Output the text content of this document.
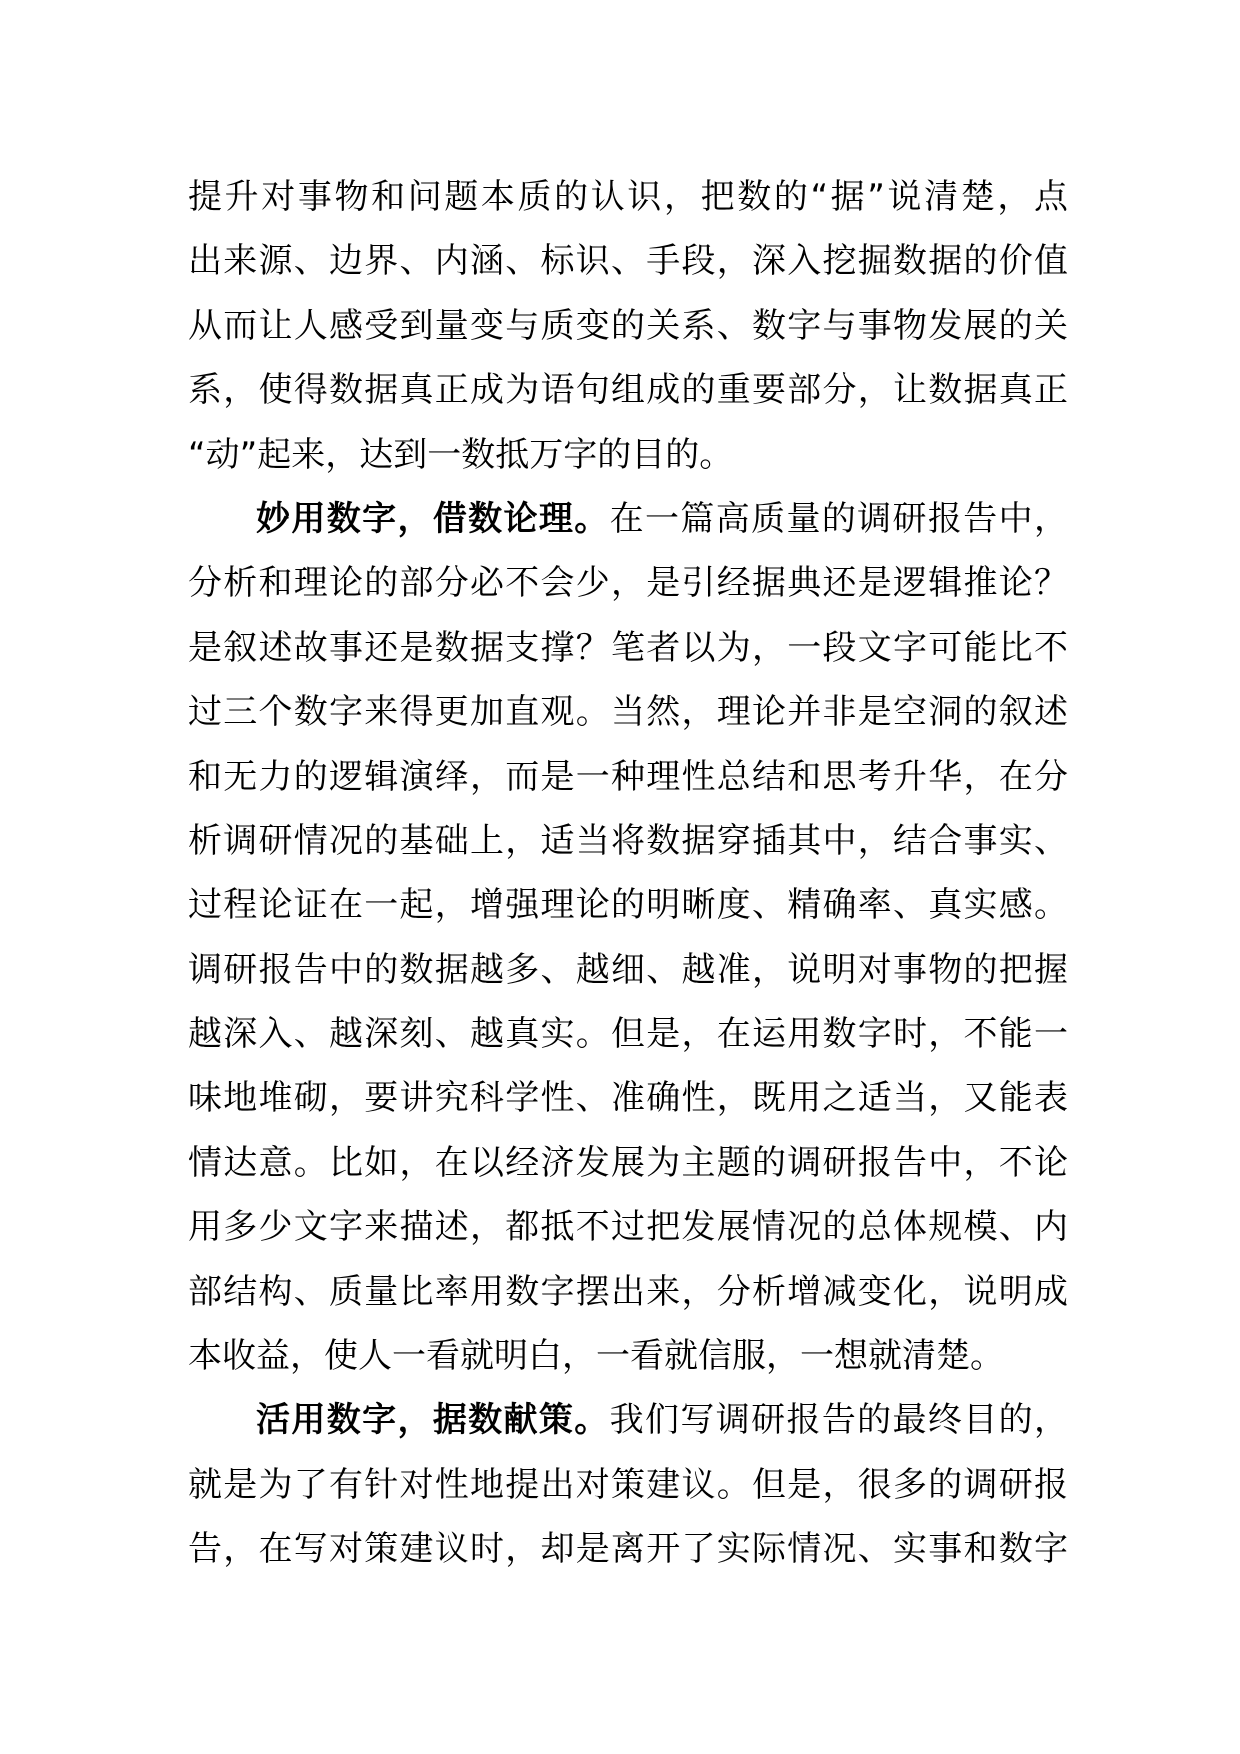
提升对事物和问题本质的认识，把数的“据”说清楚，点
出来源、边界、内涵、标识、手段，深入挖掘数据的价值
从而让人感受到量变与质变的关系、数字与事物发展的关
系，使得数据真正成为语句组成的重要部分，让数据真正
“动”起来，达到一数抵万字的目的。
妙用数字，借数论理。在一篇高质量的调研报告中，
分析和理论的部分必不会少，是引经据典还是逻辑推论？
是叙述故事还是数据支撑？笔者以为，一段文字可能比不
过三个数字来得更加直观。当然，理论并非是空洞的叙述
和无力的逻辑演绎，而是一种理性总结和思考升华，在分
析调研情况的基础上，适当将数据穿插其中，结合事实、
过程论证在一起，增强理论的明晰度、精确率、真实感。
调研报告中的数据越多、越细、越准，说明对事物的把握
越深入、越深刻、越真实。但是，在运用数字时，不能一
味地堆砌，要讲究科学性、准确性，既用之适当，又能表
情达意。比如，在以经济发展为主题的调研报告中，不论
用多少文字来描述，都抵不过把发展情况的总体规模、内
部结构、质量比率用数字摆出来，分析增减变化，说明成
本收益，使人一看就明白，一看就信服，一想就清楚。
活用数字，据数献策。我们写调研报告的最终目的，
就是为了有针对性地提出对策建议。但是，很多的调研报
告，在写对策建议时，却是离开了实际情况、实事和数字
